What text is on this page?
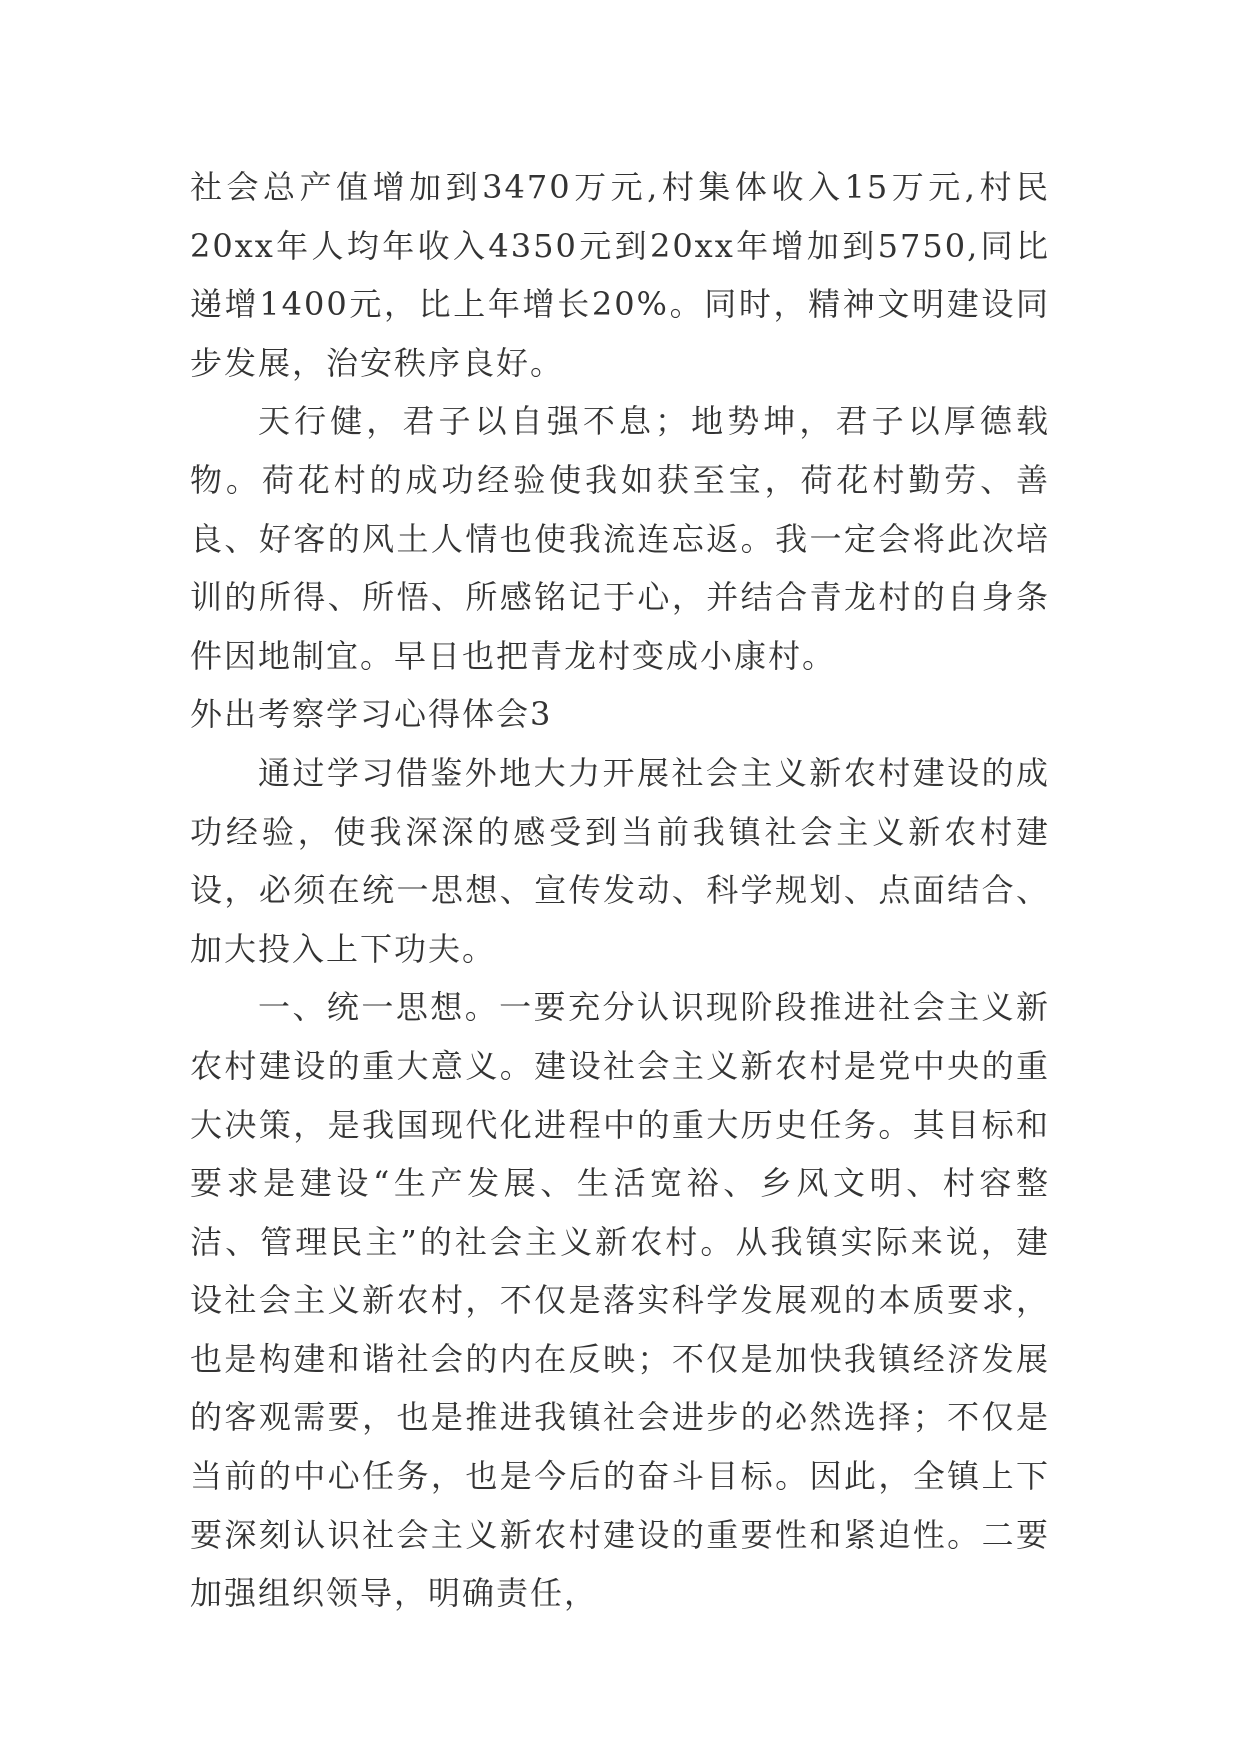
社会总产值增加到3470万元,村集体收入15万元,村民20xx年人均年收入4350元到20xx年增加到5750,同比递增1400元，比上年增长20%。同时，精神文明建设同步发展，治安秩序良好。

天行健，君子以自强不息；地势坤，君子以厚德载物。荷花村的成功经验使我如获至宝，荷花村勤劳、善良、好客的风土人情也使我流连忘返。我一定会将此次培训的所得、所悟、所感铭记于心，并结合青龙村的自身条件因地制宜。早日也把青龙村变成小康村。

外出考察学习心得体会3

通过学习借鉴外地大力开展社会主义新农村建设的成功经验，使我深深的感受到当前我镇社会主义新农村建设，必须在统一思想、宣传发动、科学规划、点面结合、加大投入上下功夫。

一、统一思想。一要充分认识现阶段推进社会主义新农村建设的重大意义。建设社会主义新农村是党中央的重大决策，是我国现代化进程中的重大历史任务。其目标和要求是建设“生产发展、生活宽裕、乡风文明、村容整洁、管理民主”的社会主义新农村。从我镇实际来说，建设社会主义新农村，不仅是落实科学发展观的本质要求，也是构建和谐社会的内在反映；不仅是加快我镇经济发展的客观需要，也是推进我镇社会进步的必然选择；不仅是当前的中心任务，也是今后的奋斗目标。因此，全镇上下要深刻认识社会主义新农村建设的重要性和紧迫性。二要加强组织领导，明确责任，
